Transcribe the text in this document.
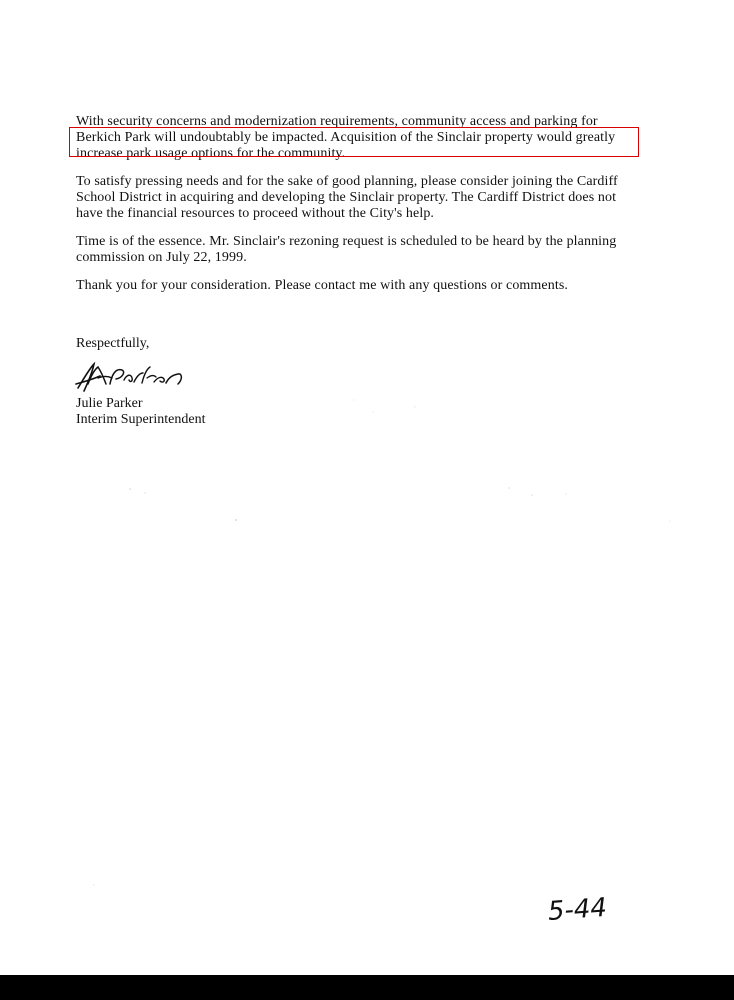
With security concerns and modernization requirements, community access and parking for
Berkich Park will undoubtably be impacted. Acquisition of the Sinclair property would greatly
increase park usage options for the community.
To satisfy pressing needs and for the sake of good planning, please consider joining the Cardiff
School District in acquiring and developing the Sinclair property. The Cardiff District does not
have the financial resources to proceed without the City's help.
Time is of the essence. Mr. Sinclair's rezoning request is scheduled to be heard by the planning
commission on July 22, 1999.
Thank you for your consideration. Please contact me with any questions or comments.
Respectfully,
Julie Parker
Interim Superintendent
5-44
